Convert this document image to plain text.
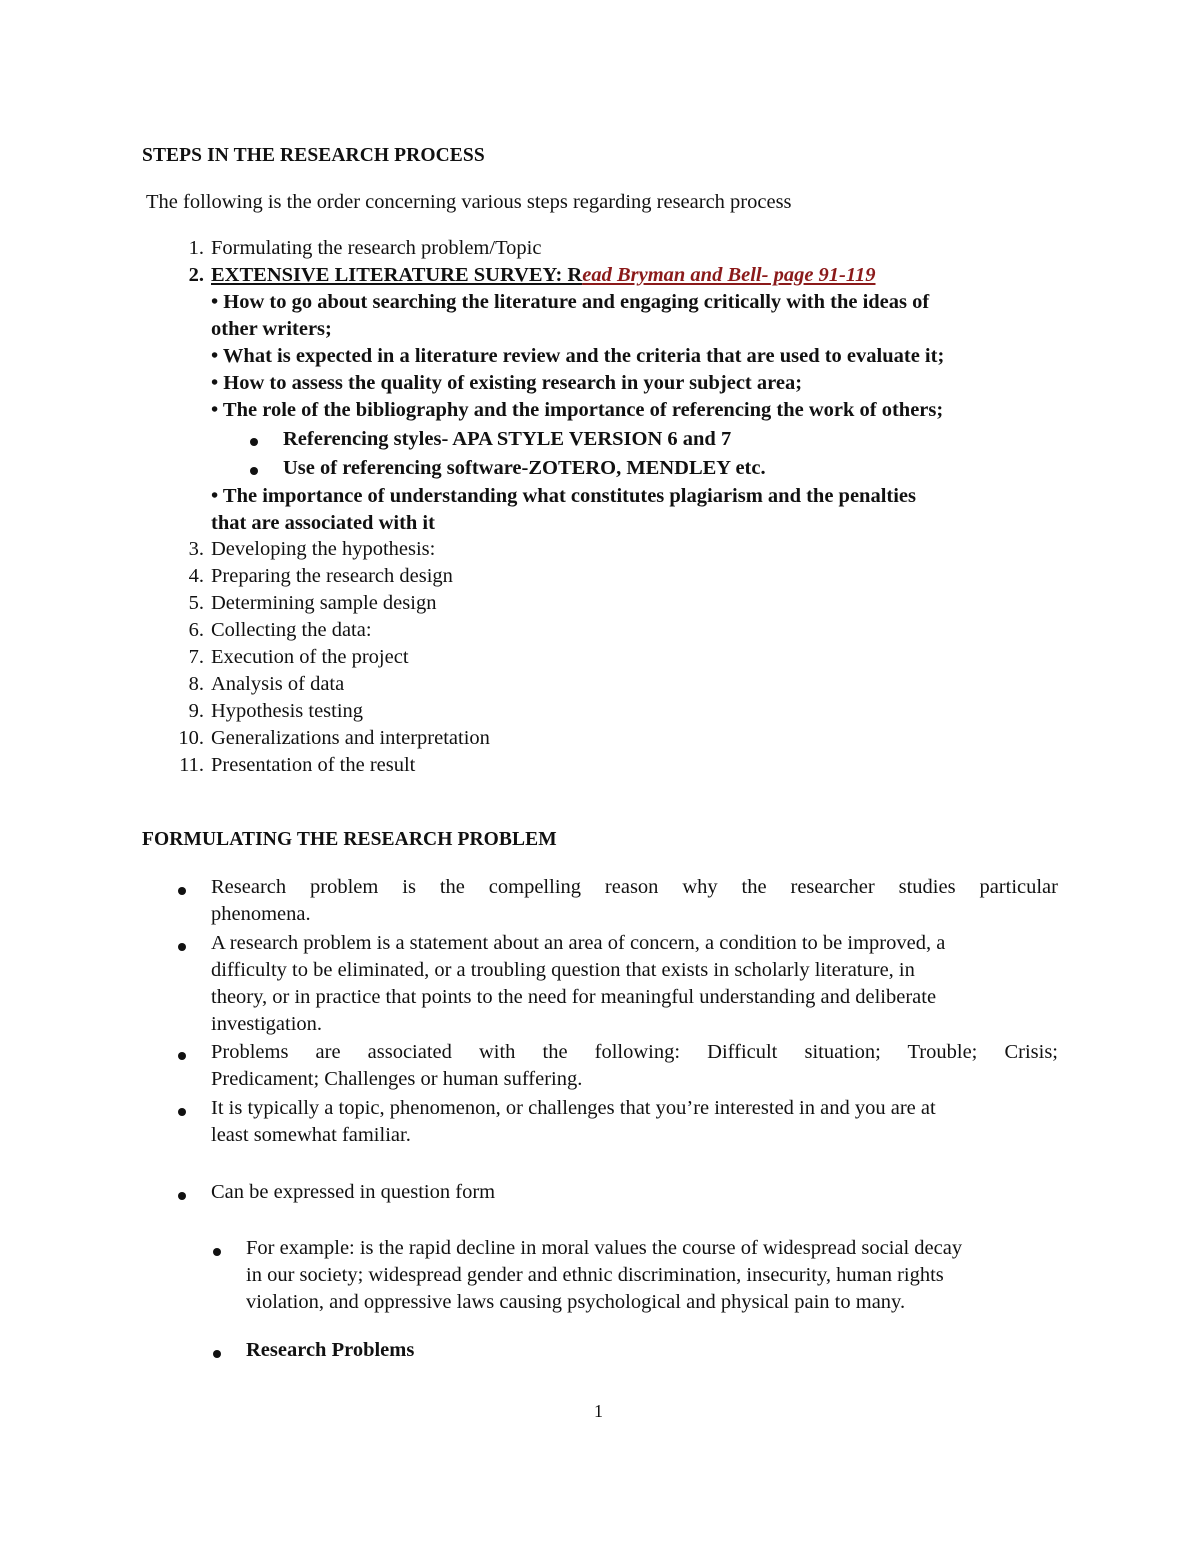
STEPS IN THE RESEARCH PROCESS
The following is the order concerning various steps regarding research process
1. Formulating the research problem/Topic
2. EXTENSIVE LITERATURE SURVEY: Read Bryman and Bell- page 91-119
• How to go about searching the literature and engaging critically with the ideas of
other writers;
• What is expected in a literature review and the criteria that are used to evaluate it;
• How to assess the quality of existing research in your subject area;
• The role of the bibliography and the importance of referencing the work of others;
Referencing styles- APA STYLE VERSION 6 and 7
Use of referencing software-ZOTERO, MENDLEY etc.
• The importance of understanding what constitutes plagiarism and the penalties
that are associated with it
3. Developing the hypothesis:
4. Preparing the research design
5. Determining sample design
6. Collecting the data:
7. Execution of the project
8. Analysis of data
9. Hypothesis testing
10. Generalizations and interpretation
11. Presentation of the result
FORMULATING THE RESEARCH PROBLEM
Research problem is the compelling reason why the researcher studies particular
phenomena.
A research problem is a statement about an area of concern, a condition to be improved, a
difficulty to be eliminated, or a troubling question that exists in scholarly literature, in
theory, or in practice that points to the need for meaningful understanding and deliberate
investigation.
Problems are associated with the following: Difficult situation; Trouble; Crisis;
Predicament; Challenges or human suffering.
It is typically a topic, phenomenon, or challenges that you’re interested in and you are at
least somewhat familiar.
Can be expressed in question form
For example: is the rapid decline in moral values the course of widespread social decay
in our society; widespread gender and ethnic discrimination, insecurity, human rights
violation, and oppressive laws causing psychological and physical pain to many.
Research Problems
1
